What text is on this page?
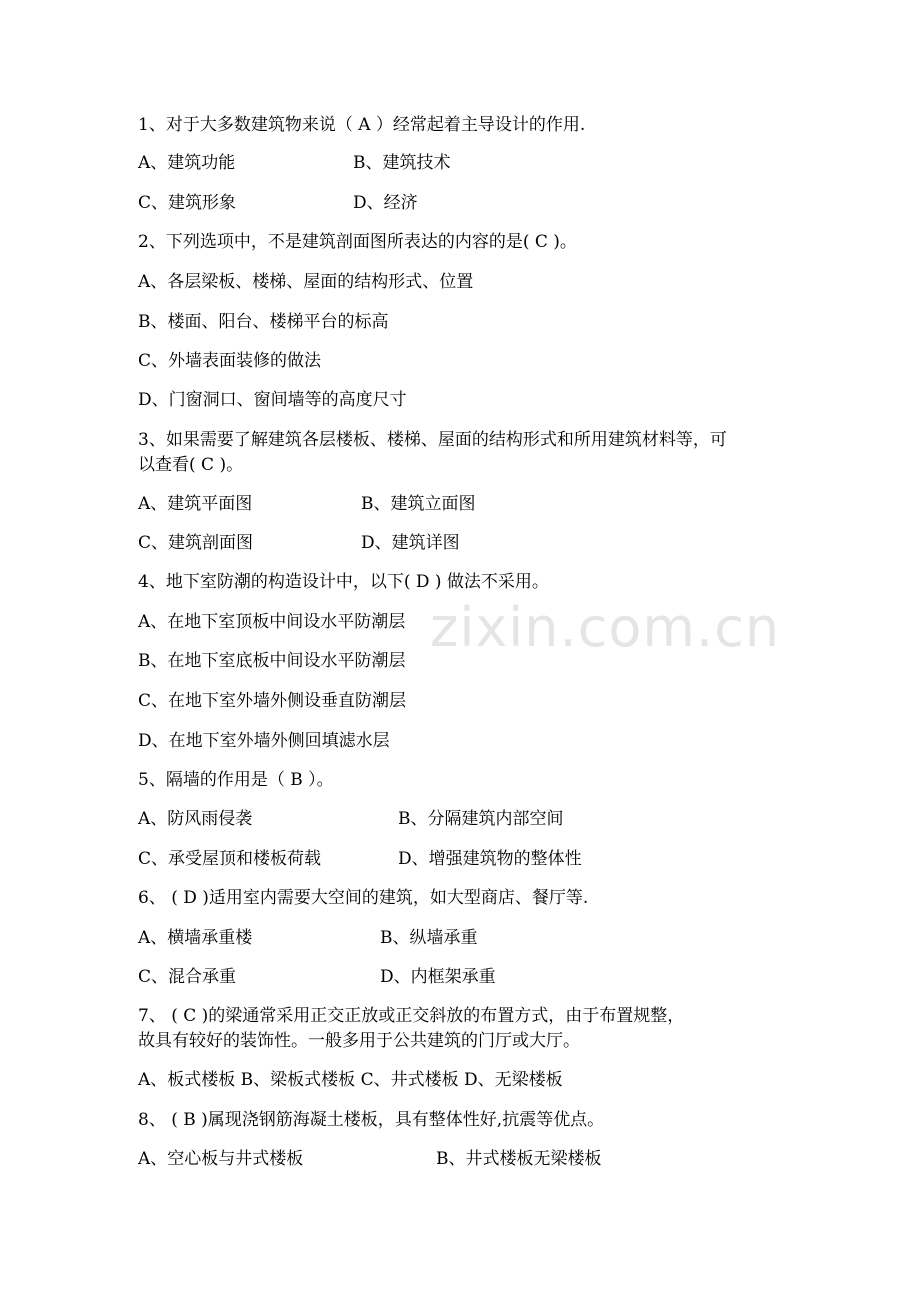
1、对于大多数建筑物来说（ A ）经常起着主导设计的作用.
A、建筑功能	B、建筑技术
C、建筑形象	D、经济
2、下列选项中，不是建筑剖面图所表达的内容的是( C )。
A、各层梁板、楼梯、屋面的结构形式、位置
B、楼面、阳台、楼梯平台的标高
C、外墙表面装修的做法
D、门窗洞口、窗间墙等的高度尺寸
3、如果需要了解建筑各层楼板、楼梯、屋面的结构形式和所用建筑材料等，可
以查看( C )。
A、建筑平面图	B、建筑立面图
C、建筑剖面图	D、建筑详图
4、地下室防潮的构造设计中，以下( D ) 做法不采用。
A、在地下室顶板中间设水平防潮层
B、在地下室底板中间设水平防潮层
C、在地下室外墙外侧设垂直防潮层
D、在地下室外墙外侧回填滤水层
5、隔墙的作用是（ B ）。
A、防风雨侵袭	B、分隔建筑内部空间
C、承受屋顶和楼板荷载	D、增强建筑物的整体性
6、 ( D )适用室内需要大空间的建筑，如大型商店、餐厅等.
A、横墙承重楼	B、纵墙承重
C、混合承重	D、内框架承重
7、 ( C )的梁通常采用正交正放或正交斜放的布置方式，由于布置规整，
故具有较好的装饰性。一般多用于公共建筑的门厅或大厅。
A、板式楼板 B、梁板式楼板 C、井式楼板 D、无梁楼板
8、 ( B )属现浇钢筋海凝土楼板，具有整体性好,抗震等优点。
A、空心板与井式楼板	B、井式楼板无梁楼板
zixin.com.cn
